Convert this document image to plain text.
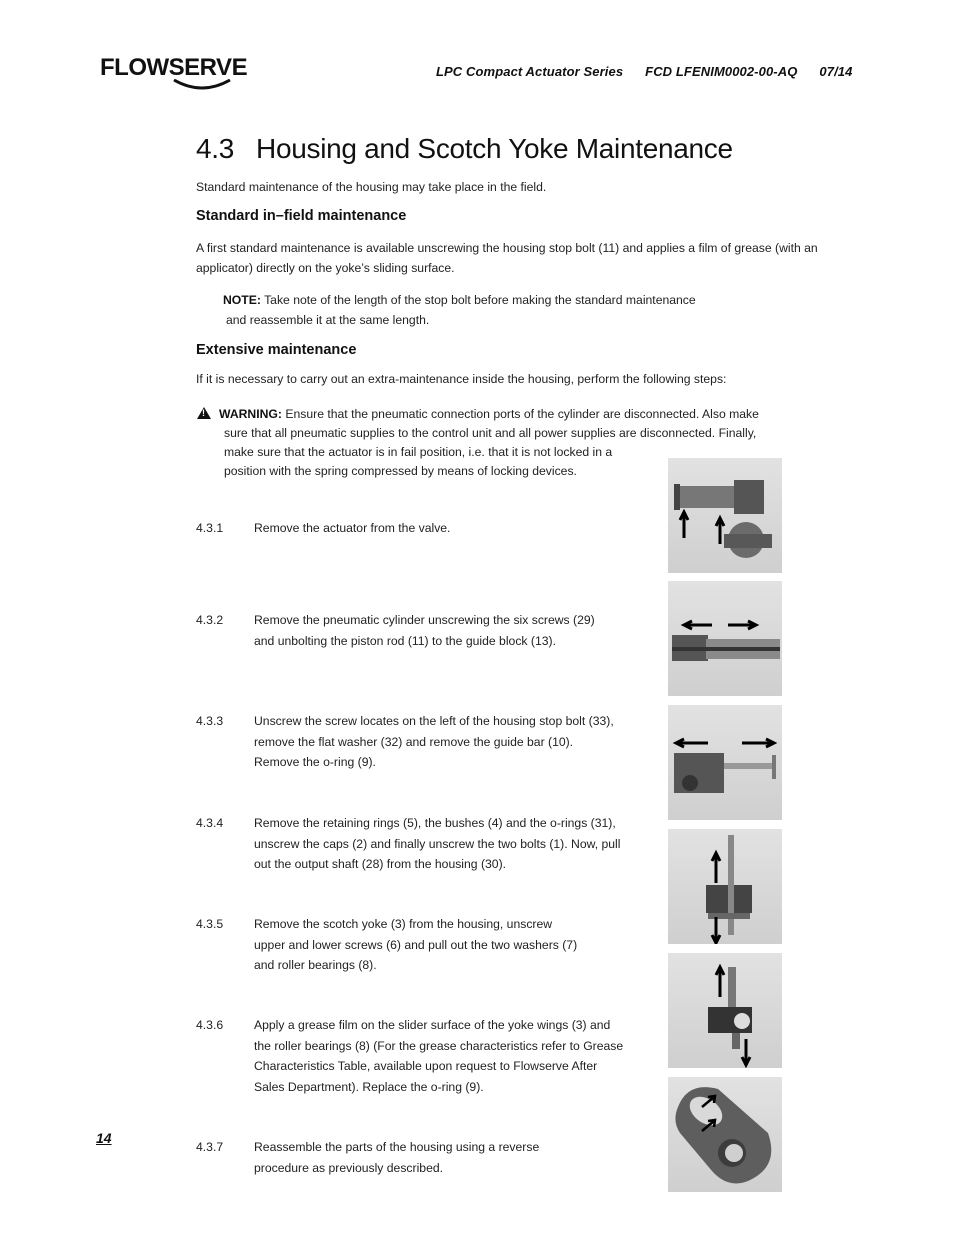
FLOWSERVE	LPC Compact Actuator Series FCD LFENIM0002-00-AQ 07/14
4.3 Housing and Scotch Yoke Maintenance
Standard maintenance of the housing may take place in the field.
Standard in–field maintenance
A first standard maintenance is available unscrewing the housing stop bolt (11) and applies a film of grease (with an
applicator) directly on the yoke’s sliding surface.
NOTE: Take note of the length of the stop bolt before making the standard maintenance
and reassemble it at the same length.
Extensive maintenance
If it is necessary to carry out an extra-maintenance inside the housing, perform the following steps:
!WARNING: Ensure that the pneumatic connection ports of the cylinder are disconnected. Also make
sure that all pneumatic supplies to the control unit and all power supplies are disconnected. Finally,
make sure that the actuator is in fail position, i.e. that it is not locked in a
position with the spring compressed by means of locking devices.
4.3.1	Remove the actuator from the valve.
4.3.2	Remove the pneumatic cylinder unscrewing the six screws (29)
and unbolting the piston rod (11) to the guide block (13).
4.3.3	Unscrew the screw locates on the left of the housing stop bolt (33),
remove the flat washer (32) and remove the guide bar (10).
Remove the o-ring (9).
4.3.4	Remove the retaining rings (5), the bushes (4) and the o-rings (31),
unscrew the caps (2) and finally unscrew the two bolts (1). Now, pull
out the output shaft (28) from the housing (30).
4.3.5	Remove the scotch yoke (3) from the housing, unscrew
upper and lower screws (6) and pull out the two washers (7)
and roller bearings (8).
4.3.6	Apply a grease film on the slider surface of the yoke wings (3) and
the roller bearings (8) (For the grease characteristics refer to Grease
Characteristics Table, available upon request to Flowserve After
Sales Department). Replace the o-ring (9).
4.3.7	Reassemble the parts of the housing using a reverse
procedure as previously described.
14
